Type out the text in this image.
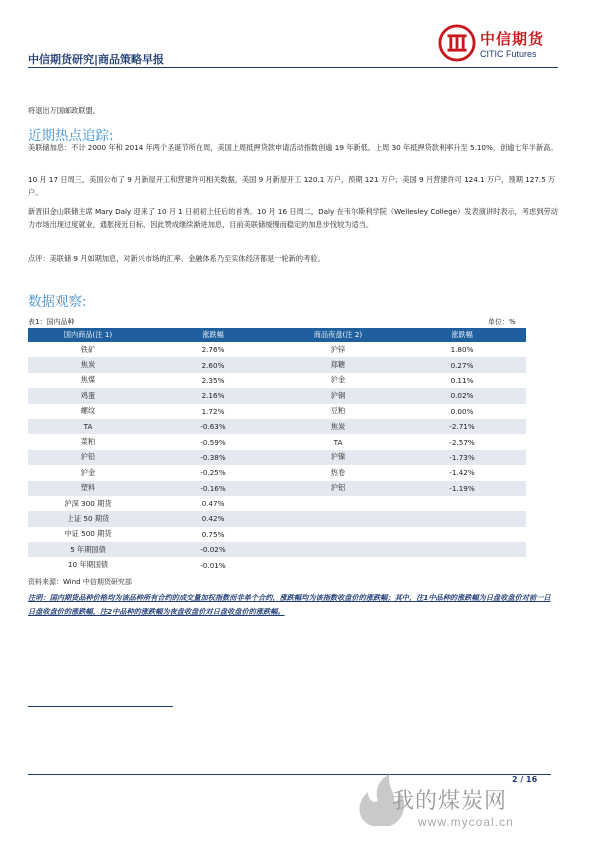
中信期货研究|商品策略早报
中信期货
CITIC Futures
将退出万国邮政联盟。
近期热点追踪:
美联储加息：不计 2000 年和 2014 年两个圣诞节所在周，美国上周抵押贷款申请活动指数创逾 19 年新低。上周 30 年抵押贷款利率升至 5.10%，创逾七年半新高。
10 月 17 日周三，美国公布了 9 月新屋开工和营建许可相关数据，美国 9 月新屋开工 120.1 万户，预期 121 万户；美国 9 月营建许可 124.1 万户，预期 127.5 万户。
新晋旧金山联储主席 Mary Daly 迎来了 10 月 1 日初初上任后的首秀。10 月 16 日周二，Daly 在韦尔斯利学院（Wellesley College）发表演讲时表示，考虑到劳动力市场出现过度就业，通胀接近目标，因此赞成继续渐进加息，目前美联储缓慢而稳定的加息步伐较为适当。
点评：美联储 9 月如期加息，对新兴市场的汇率、金融体系乃至实体经济都是一轮新的考验。
数据观察:
表1：国内品种	单位：%
国内商品(注 1)	涨跌幅	商品夜盘(注 2)	涨跌幅
铁矿	2.76%	沪锌	1.80%
焦炭	2.60%	郑糖	0.27%
焦煤	2.35%	沪金	0.11%
鸡蛋	2.16%	沪铜	0.02%
螺纹	1.72%	豆粕	0.00%
TA	-0.63%	焦炭	-2.71%
菜粕	-0.59%	TA	-2.57%
沪铅	-0.38%	沪镍	-1.73%
沪金	-0.25%	热卷	-1.42%
塑料	-0.16%	沪铝	-1.19%
沪深 300 期货	0.47%		
上证 50 期货	0.42%		
中证 500 期货	0.75%		
5 年期国债	-0.02%		
10 年期国债	-0.01%		
资料来源：Wind 中信期货研究部
注明：国内期货品种价格均为该品种所有合约的成交量加权指数而非单个合约，涨跌幅均为该指数收盘价的涨跌幅；其中，注1中品种的涨跌幅为日盘收盘价对前一日日盘收盘价的涨跌幅，注2中品种的涨跌幅为夜盘收盘价对日盘收盘价的涨跌幅。
2 / 16
我的煤炭网
www.mycoal.cn
